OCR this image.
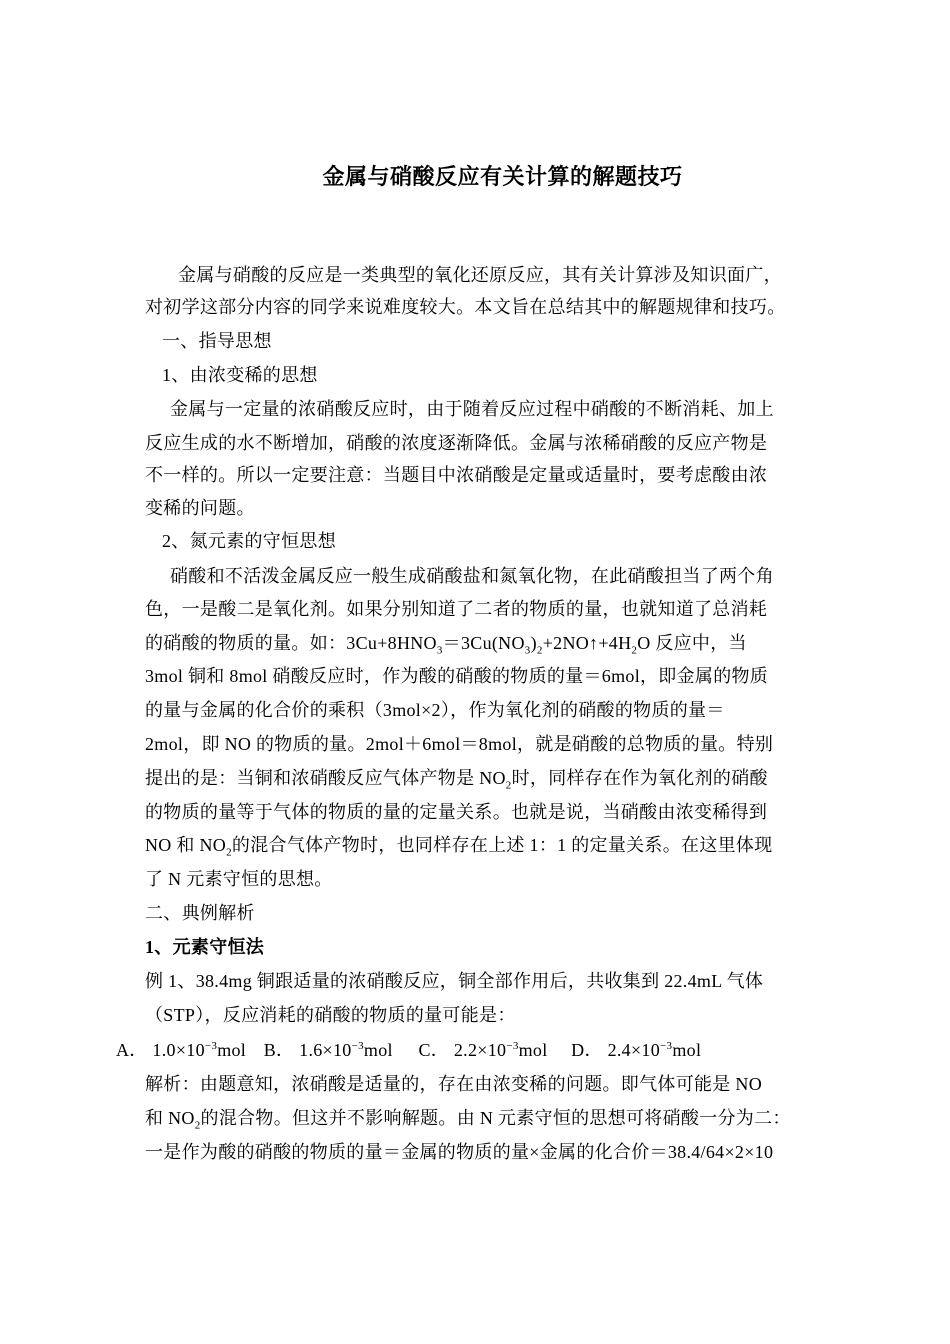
金属与硝酸反应有关计算的解题技巧
金属与硝酸的反应是一类典型的氧化还原反应，其有关计算涉及知识面广，
对初学这部分内容的同学来说难度较大。本文旨在总结其中的解题规律和技巧。
一、指导思想
1、由浓变稀的思想
金属与一定量的浓硝酸反应时，由于随着反应过程中硝酸的不断消耗、加上
反应生成的水不断增加，硝酸的浓度逐渐降低。金属与浓稀硝酸的反应产物是
不一样的。所以一定要注意：当题目中浓硝酸是定量或适量时，要考虑酸由浓
变稀的问题。
2、氮元素的守恒思想
硝酸和不活泼金属反应一般生成硝酸盐和氮氧化物，在此硝酸担当了两个角
色，一是酸二是氧化剂。如果分别知道了二者的物质的量，也就知道了总消耗
的硝酸的物质的量。如：$3Cu+8HNO_3=3Cu(NO_3)_2+2NO↑+4H_2O$ 反应中，当
3mol 铜和 8mol 硝酸反应时，作为酸的硝酸的物质的量＝6mol，即金属的物质
的量与金属的化合价的乘积（3mol×2），作为氧化剂的硝酸的物质的量＝
2mol，即 NO 的物质的量。2mol＋6mol＝8mol，就是硝酸的总物质的量。特别
提出的是：当铜和浓硝酸反应气体产物是 $NO_2$时，同样存在作为氧化剂的硝酸
的物质的量等于气体的物质的量的定量关系。也就是说，当硝酸由浓变稀得到
NO 和 $NO_2$的混合气体产物时，也同样存在上述 1：1 的定量关系。在这里体现
了 N 元素守恒的思想。
二、典例解析
1、元素守恒法
例 1、38.4mg 铜跟适量的浓硝酸反应，铜全部作用后，共收集到 22.4mL 气体
（STP），反应消耗的硝酸的物质的量可能是：
A． $1.0\times 10^{-3}mol$ B． $1.6\times 10^{-3}mol$ C． $2.2\times 10^{-3}mol$ D． $2.4\times 10^{-3}mol$
解析：由题意知，浓硝酸是适量的，存在由浓变稀的问题。即气体可能是 NO
和 $NO_2$的混合物。但这并不影响解题。由 N 元素守恒的思想可将硝酸一分为二：
一是作为酸的硝酸的物质的量＝金属的物质的量×金属的化合价＝38.4/64×2×10
